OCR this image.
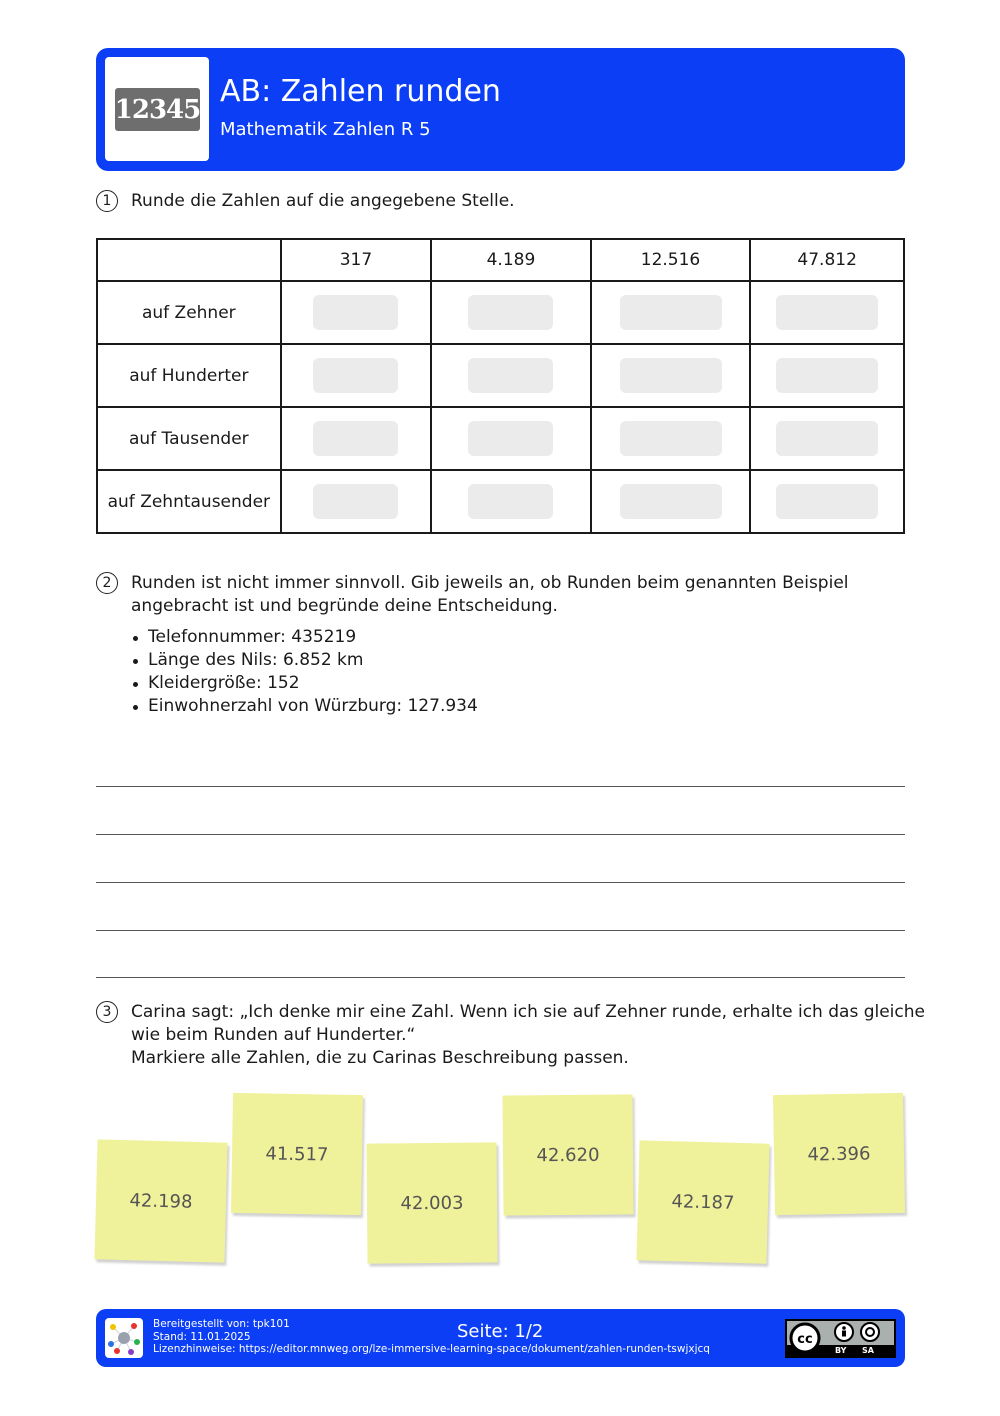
12345
AB: Zahlen runden
Mathematik Zahlen R 5
1	Runde die Zahlen auf die angegebene Stelle.
	317	4.189	12.516	47.812
auf Zehner				
auf Hunderter				
auf Tausender				
auf Zehntausender				
2	Runden ist nicht immer sinnvoll. Gib jeweils an, ob Runden beim genannten Beispiel
angebracht ist und begründe deine Entscheidung.
Telefonnummer: 435219
Länge des Nils: 6.852 km
Kleidergröße: 152
Einwohnerzahl von Würzburg: 127.934
3	Carina sagt: „Ich denke mir eine Zahl. Wenn ich sie auf Zehner runde, erhalte ich das gleiche
wie beim Runden auf Hunderter.“
Markiere alle Zahlen, die zu Carinas Beschreibung passen.
42.198
41.517
42.003
42.620
42.187
42.396
Bereitgestellt von: tpk101
Stand: 11.01.2025
Lizenzhinweise: https://editor.mnweg.org/lze-immersive-learning-space/dokument/zahlen-runden-tswjxjcq
Seite: 1/2	cc
BY SA
